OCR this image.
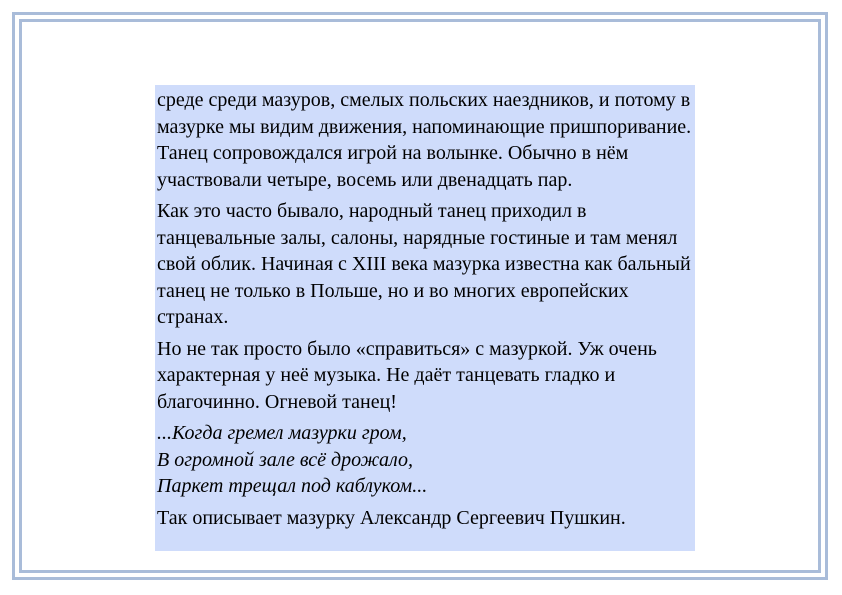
среде среди мазуров, смелых польских наездников, и потому в мазурке мы видим движения, напоминающие пришпоривание. Танец сопровождался игрой на волынке. Обычно в нём участвовали четыре, восемь или двенадцать пар.

Как это часто бывало, народный танец приходил в танцевальные залы, салоны, нарядные гостиные и там менял свой облик. Начиная с XIII века мазурка известна как бальный танец не только в Польше, но и во многих европейских странах.

Но не так просто было «справиться» с мазуркой. Уж очень характерная у неё музыка. Не даёт танцевать гладко и благочинно. Огневой танец!

...Когда гремел мазурки гром,
В огромной зале всё дрожало,
Паркет трещал под каблуком...

Так описывает мазурку Александр Сергеевич Пушкин.
